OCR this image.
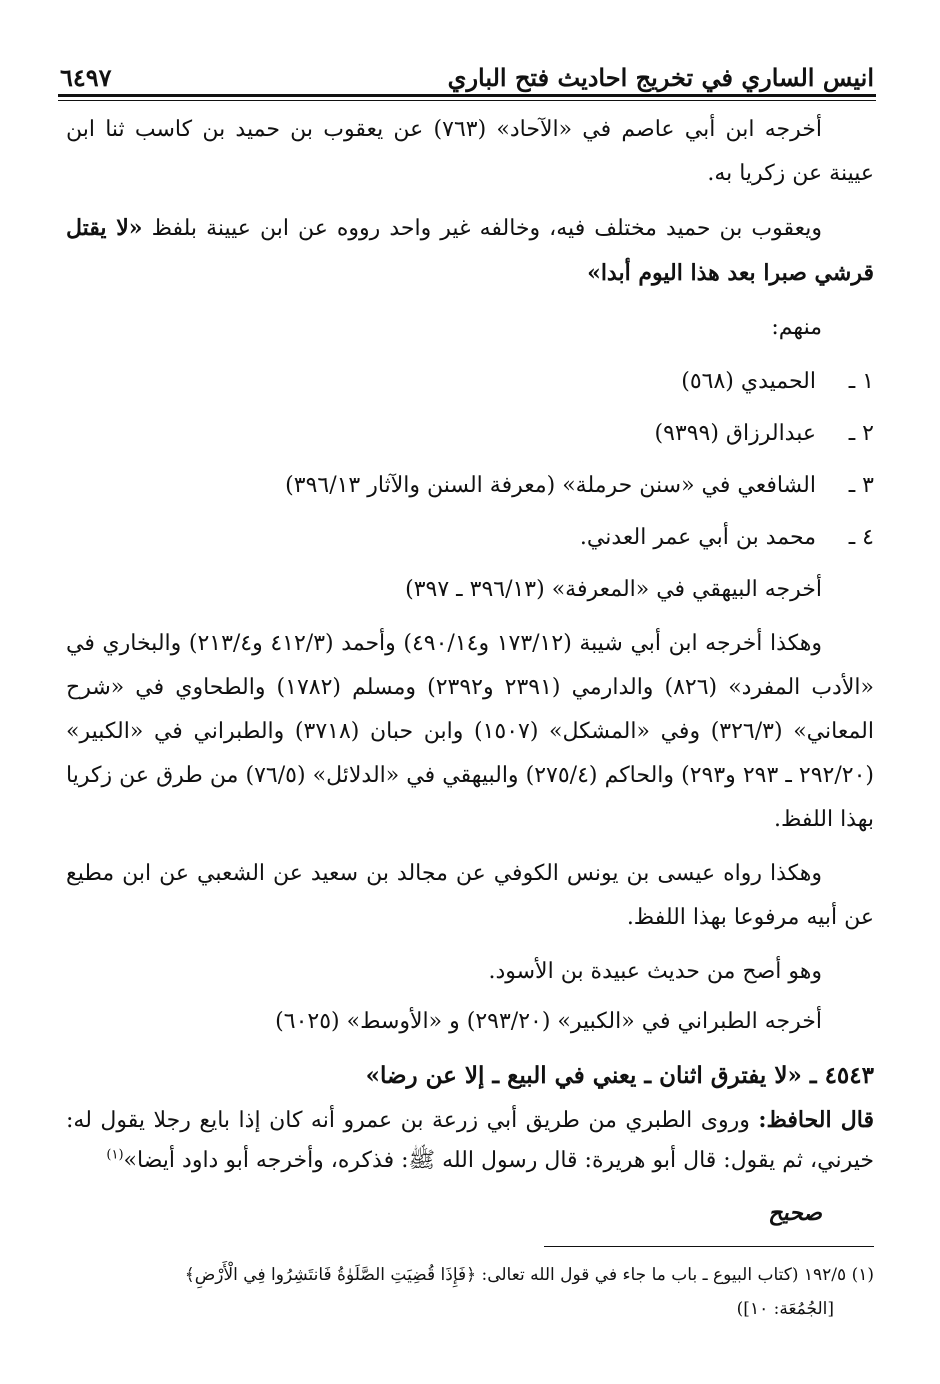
انيس الساري في تخريج احاديث فتح الباري
٦٤٩٧

أخرجه ابن أبي عاصم في «الآحاد» (٧٦٣) عن يعقوب بن حميد بن كاسب ثنا ابن عيينة عن زكريا به.

ويعقوب بن حميد مختلف فيه، وخالفه غير واحد رووه عن ابن عيينة بلفظ «لا يقتل قرشي صبرا بعد هذا اليوم أبدا»

منهم:

١ ـ
الحميدي (٥٦٨)
٢ ـ
عبدالرزاق (٩٣٩٩)
٣ ـ
الشافعي في «سنن حرملة» (معرفة السنن والآثار ٣٩٦/١٣)
٤ ـ
محمد بن أبي عمر العدني.

أخرجه البيهقي في «المعرفة» (٣٩٦/١٣ ـ ٣٩٧)

وهكذا أخرجه ابن أبي شيبة (١٧٣/١٢ و٤٩٠/١٤) وأحمد (٤١٢/٣ و٢١٣/٤) والبخاري في «الأدب المفرد» (٨٢٦) والدارمي (٢٣٩١ و٢٣٩٢) ومسلم (١٧٨٢) والطحاوي في «شرح المعاني» (٣٢٦/٣) وفي «المشكل» (١٥٠٧) وابن حبان (٣٧١٨) والطبراني في «الكبير» (٢٩٢/٢٠ ـ ٢٩٣ و٢٩٣) والحاكم (٢٧٥/٤) والبيهقي في «الدلائل» (٧٦/٥) من طرق عن زكريا بهذا اللفظ.

وهكذا رواه عيسى بن يونس الكوفي عن مجالد بن سعيد عن الشعبي عن ابن مطيع عن أبيه مرفوعا بهذا اللفظ.

وهو أصح من حديث عبيدة بن الأسود.

أخرجه الطبراني في «الكبير» (٢٩٣/٢٠) و «الأوسط» (٦٠٢٥)

٤٥٤٣ ـ «لا يفترق اثنان ـ يعني في البيع ـ إلا عن رضا»

قال الحافظ: وروى الطبري من طريق أبي زرعة بن عمرو أنه كان إذا بايع رجلا يقول له: خيرني، ثم يقول: قال أبو هريرة: قال رسول الله ﷺ: فذكره، وأخرجه أبو داود أيضا»$^{(١)}$

صحيح

(١) ١٩٢/٥ (كتاب البيوع ـ باب ما جاء في قول الله تعالى: ﴿فَإِذَا قُضِيَتِ الصَّلَوٰةُ فَانتَشِرُوا فِي الْأَرْضِ﴾

[الجُمُعَة: ١٠])
